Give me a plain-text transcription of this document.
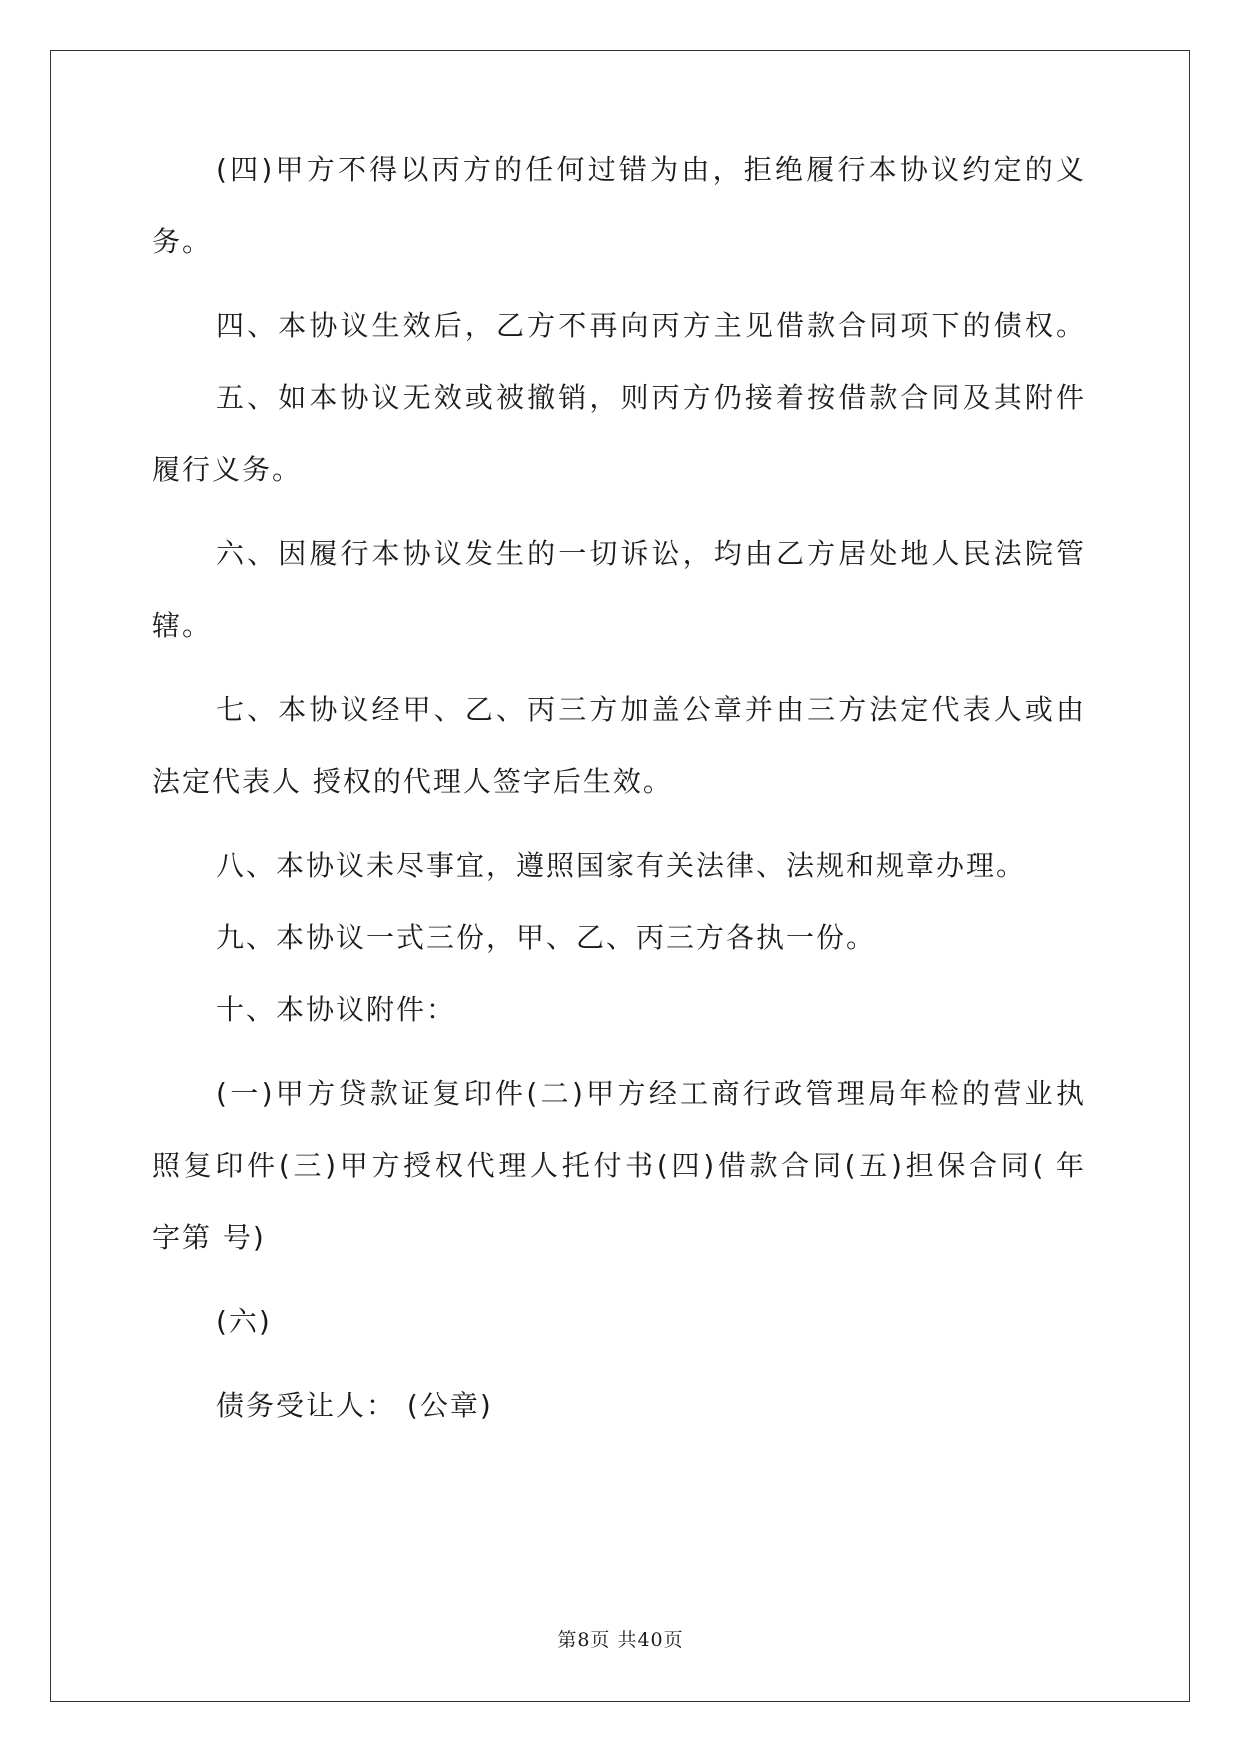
(四)甲方不得以丙方的任何过错为由，拒绝履行本协议约定的义
务。
四、本协议生效后，乙方不再向丙方主见借款合同项下的债权。
五、如本协议无效或被撤销，则丙方仍接着按借款合同及其附件
履行义务。
六、因履行本协议发生的一切诉讼，均由乙方居处地人民法院管
辖。
七、本协议经甲、乙、丙三方加盖公章并由三方法定代表人或由
法定代表人 授权的代理人签字后生效。
八、本协议未尽事宜，遵照国家有关法律、法规和规章办理。
九、本协议一式三份，甲、乙、丙三方各执一份。
十、本协议附件：
(一)甲方贷款证复印件(二)甲方经工商行政管理局年检的营业执
照复印件(三)甲方授权代理人托付书(四)借款合同(五)担保合同( 年
字第 号)
(六)
债务受让人： (公章)
第8页 共40页
